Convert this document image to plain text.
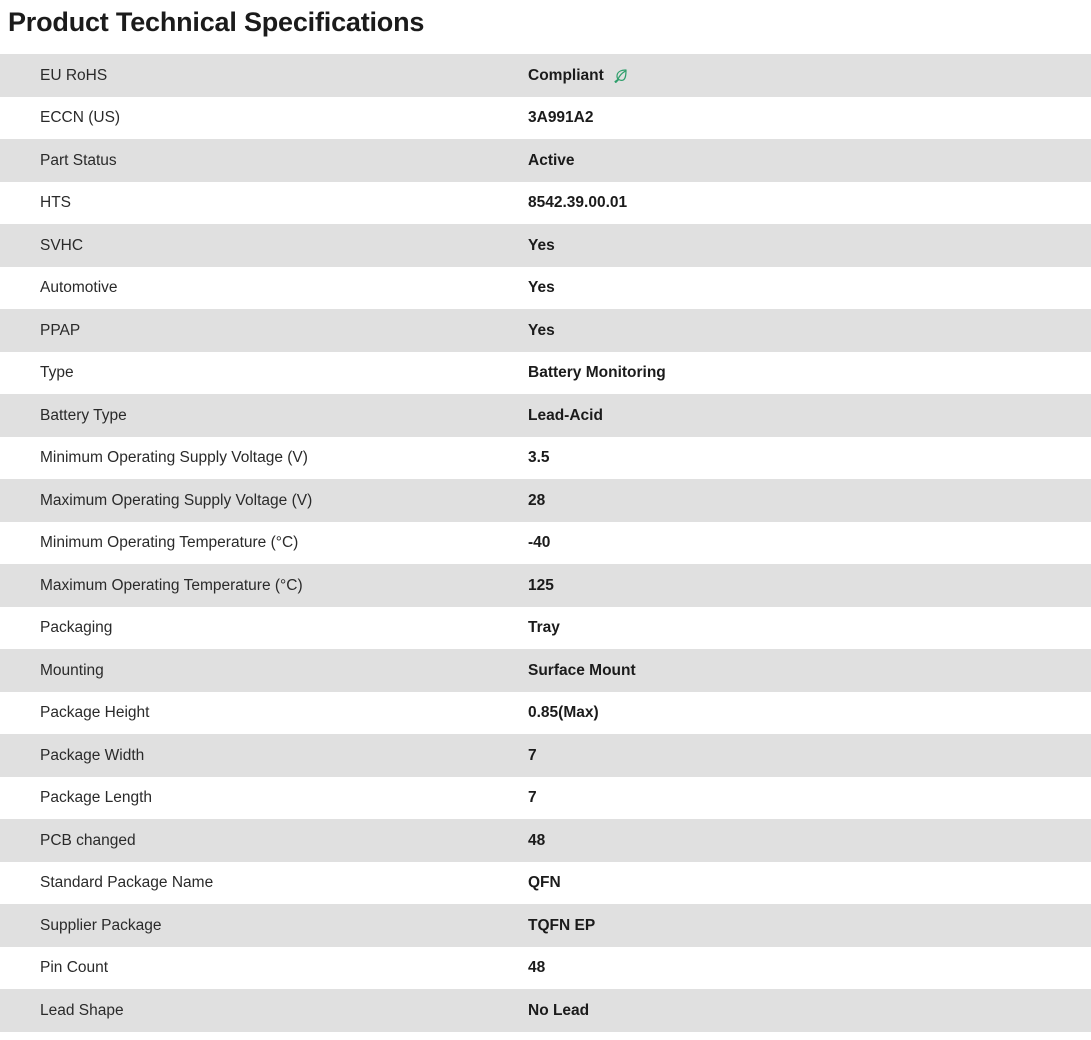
Product Technical Specifications
EU RoHS	Compliant

ECCN (US)	3A991A2

Part Status	Active

HTS	8542.39.00.01

SVHC	Yes

Automotive	Yes

PPAP	Yes

Type	Battery Monitoring

Battery Type	Lead-Acid

Minimum Operating Supply Voltage (V)	3.5

Maximum Operating Supply Voltage (V)	28

Minimum Operating Temperature (°C)	-40

Maximum Operating Temperature (°C)	125

Packaging	Tray

Mounting	Surface Mount

Package Height	0.85(Max)

Package Width	7

Package Length	7

PCB changed	48

Standard Package Name	QFN

Supplier Package	TQFN EP

Pin Count	48

Lead Shape	No Lead
